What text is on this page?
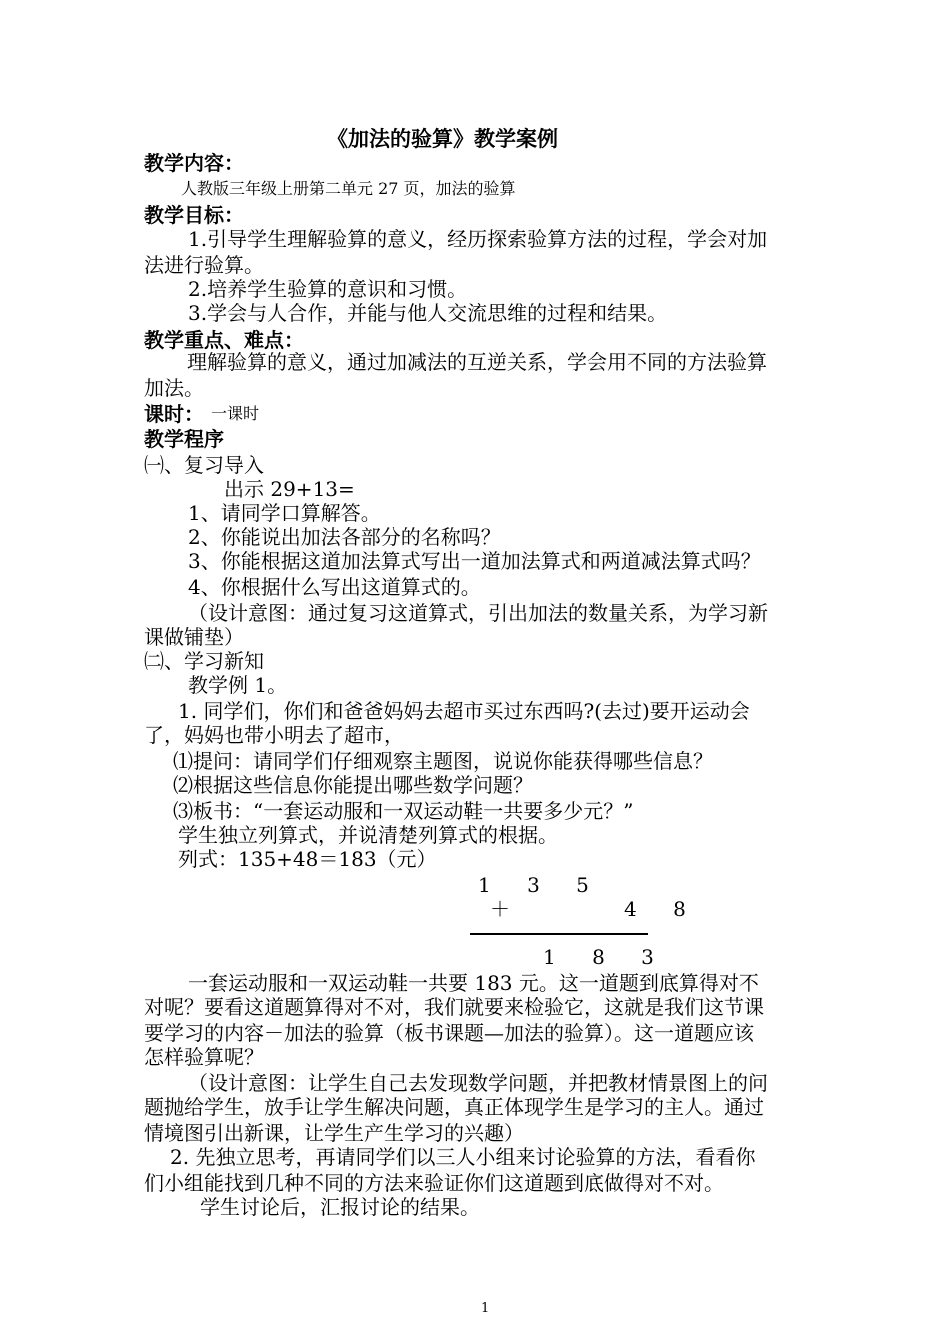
《加法的验算》教学案例
教学内容：
人教版三年级上册第二单元 27 页，加法的验算
教学目标：
1.引导学生理解验算的意义，经历探索验算方法的过程，学会对加
法进行验算。
2.培养学生验算的意识和习惯。
3.学会与人合作，并能与他人交流思维的过程和结果。
教学重点、难点：
理解验算的意义，通过加减法的互逆关系，学会用不同的方法验算
加法。
课时： 一课时
教学程序
㈠、复习导入
出示 29+13=
1、请同学口算解答。
2、你能说出加法各部分的名称吗？
3、你能根据这道加法算式写出一道加法算式和两道减法算式吗？
4、你根据什么写出这道算式的。
（设计意图：通过复习这道算式，引出加法的数量关系，为学习新
课做铺垫）
㈡、学习新知
教学例 1。
1. 同学们，你们和爸爸妈妈去超市买过东西吗?(去过)要开运动会
了，妈妈也带小明去了超市，
⑴提问：请同学们仔细观察主题图，说说你能获得哪些信息？
⑵根据这些信息你能提出哪些数学问题？
⑶板书：“一套运动服和一双运动鞋一共要多少元？”
学生独立列算式，并说清楚列算式的根据。
列式：135+48＝183（元）
1 3 5
＋	4 8
1 8 3
一套运动服和一双运动鞋一共要 183 元。这一道题到底算得对不
对呢？要看这道题算得对不对，我们就要来检验它，这就是我们这节课
要学习的内容－加法的验算（板书课题—加法的验算）。这一道题应该
怎样验算呢？
（设计意图：让学生自己去发现数学问题，并把教材情景图上的问
题抛给学生，放手让学生解决问题，真正体现学生是学习的主人。通过
情境图引出新课，让学生产生学习的兴趣）
2. 先独立思考，再请同学们以三人小组来讨论验算的方法，看看你
们小组能找到几种不同的方法来验证你们这道题到底做得对不对。
学生讨论后，汇报讨论的结果。
1
